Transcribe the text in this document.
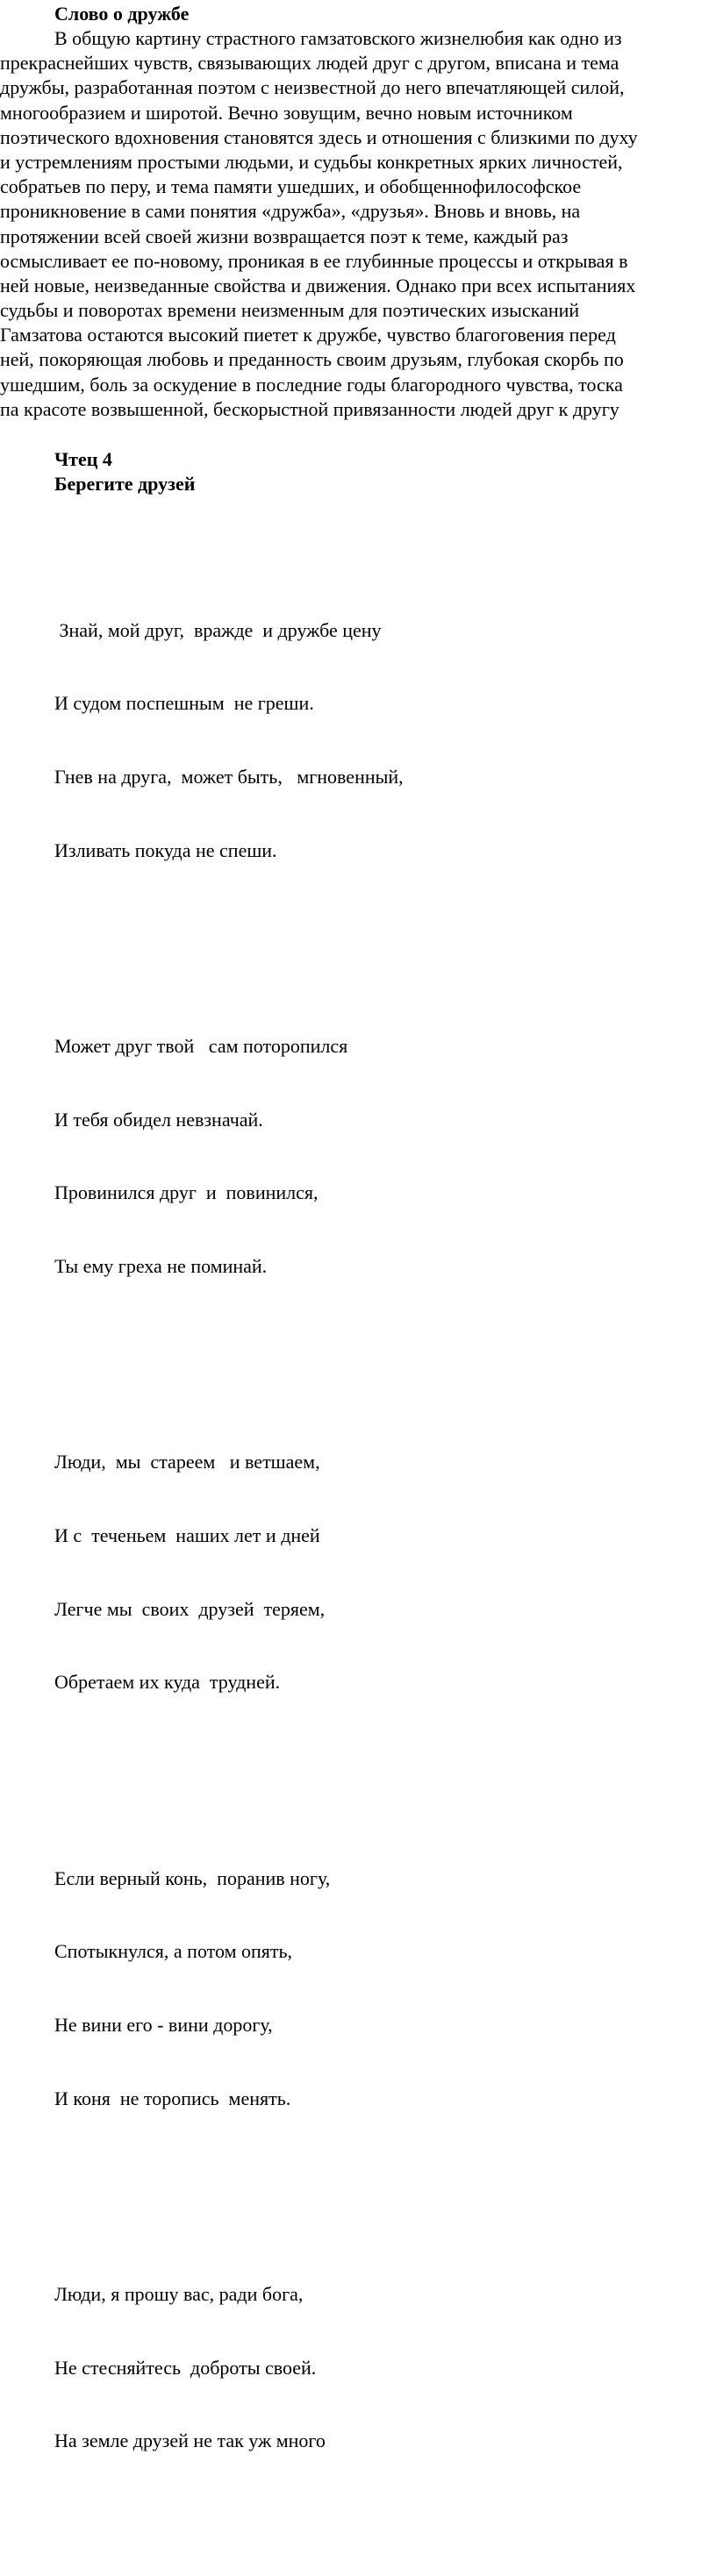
Слово о дружбе
В общую картину страстного гамзатовского жизнелюбия как одно из
прекраснейших чувств, связывающих людей друг с другом, вписана и тема
дружбы, разработанная поэтом с неизвестной до него впечатляющей силой,
многообразием и широтой. Вечно зовущим, вечно новым источником
поэтического вдохновения становятся здесь и отношения с близкими по духу
и устремлениям простыми людьми, и судьбы конкретных ярких личностей,
собратьев по перу, и тема памяти ушедших, и обобщеннофилософское
проникновение в сами понятия «дружба», «друзья». Вновь и вновь, на
протяжении всей своей жизни возвращается поэт к теме, каждый раз
осмысливает ее по-новому, проникая в ее глубинные процессы и открывая в
ней новые, неизведанные свойства и движения. Однако при всех испытаниях
судьбы и поворотах времени неизменным для поэтических изысканий
Гамзатова остаются высокий пиетет к дружбе, чувство благоговения перед
ней, покоряющая любовь и преданность своим друзьям, глубокая скорбь по
ушедшим, боль за оскудение в последние годы благородного чувства, тоска
па красоте возвышенной, бескорыстной привязанности людей друг к другу
Чтец 4
Берегите друзей

Знай, мой друг,  вражде  и дружбе цену

И судом поспешным  не греши.

Гнев на друга,  может быть,   мгновенный,

Изливать покуда не спеши.

Может друг твой   сам поторопился

И тебя обидел невзначай.

Провинился друг  и  повинился,

Ты ему греха не поминай.

Люди,  мы  стареем   и ветшаем,

И с  теченьем  наших лет и дней

Легче мы  своих  друзей  теряем,

Обретаем их куда  трудней.

Если верный конь,  поранив ногу,

Спотыкнулся, а потом опять,

Не вини его - вини дорогу,

И коня  не торопись  менять.

Люди, я прошу вас, ради бога,

Не стесняйтесь  доброты своей.

На земле друзей не так уж много
